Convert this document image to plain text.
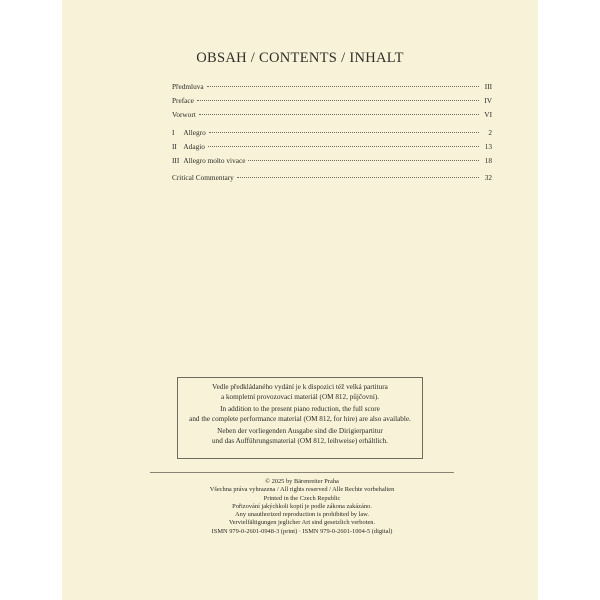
OBSAH / CONTENTS / INHALT
Předmluva	III
Preface	IV
Vorwort	VI
I Allegro	2
II Adagio	13
III Allegro molto vivace	18
Critical Commentary	32

Vedle předkládaného vydání je k dispozici též velká partitura
a kompletní provozovací materiál (OM 812, půjčovní).

In addition to the present piano reduction, the full score
and the complete performance material (OM 812, for hire) are also available.

Neben der vorliegenden Ausgabe sind die Dirigierpartitur
und das Aufführungsmaterial (OM 812, leihweise) erhältlich.

© 2025 by Bärenreiter Praha
Všechna práva vyhrazena / All rights reserved / Alle Rechte vorbehalten
Printed in the Czech Republic
Pořizování jakýchkoli kopií je podle zákona zakázáno.
Any unauthorized reproduction is prohibited by law.
Vervielfältigungen jeglicher Art sind gesetzlich verboten.
ISMN 979-0-2601-0948-3 (print) · ISMN 979-0-2601-1004-5 (digital)
